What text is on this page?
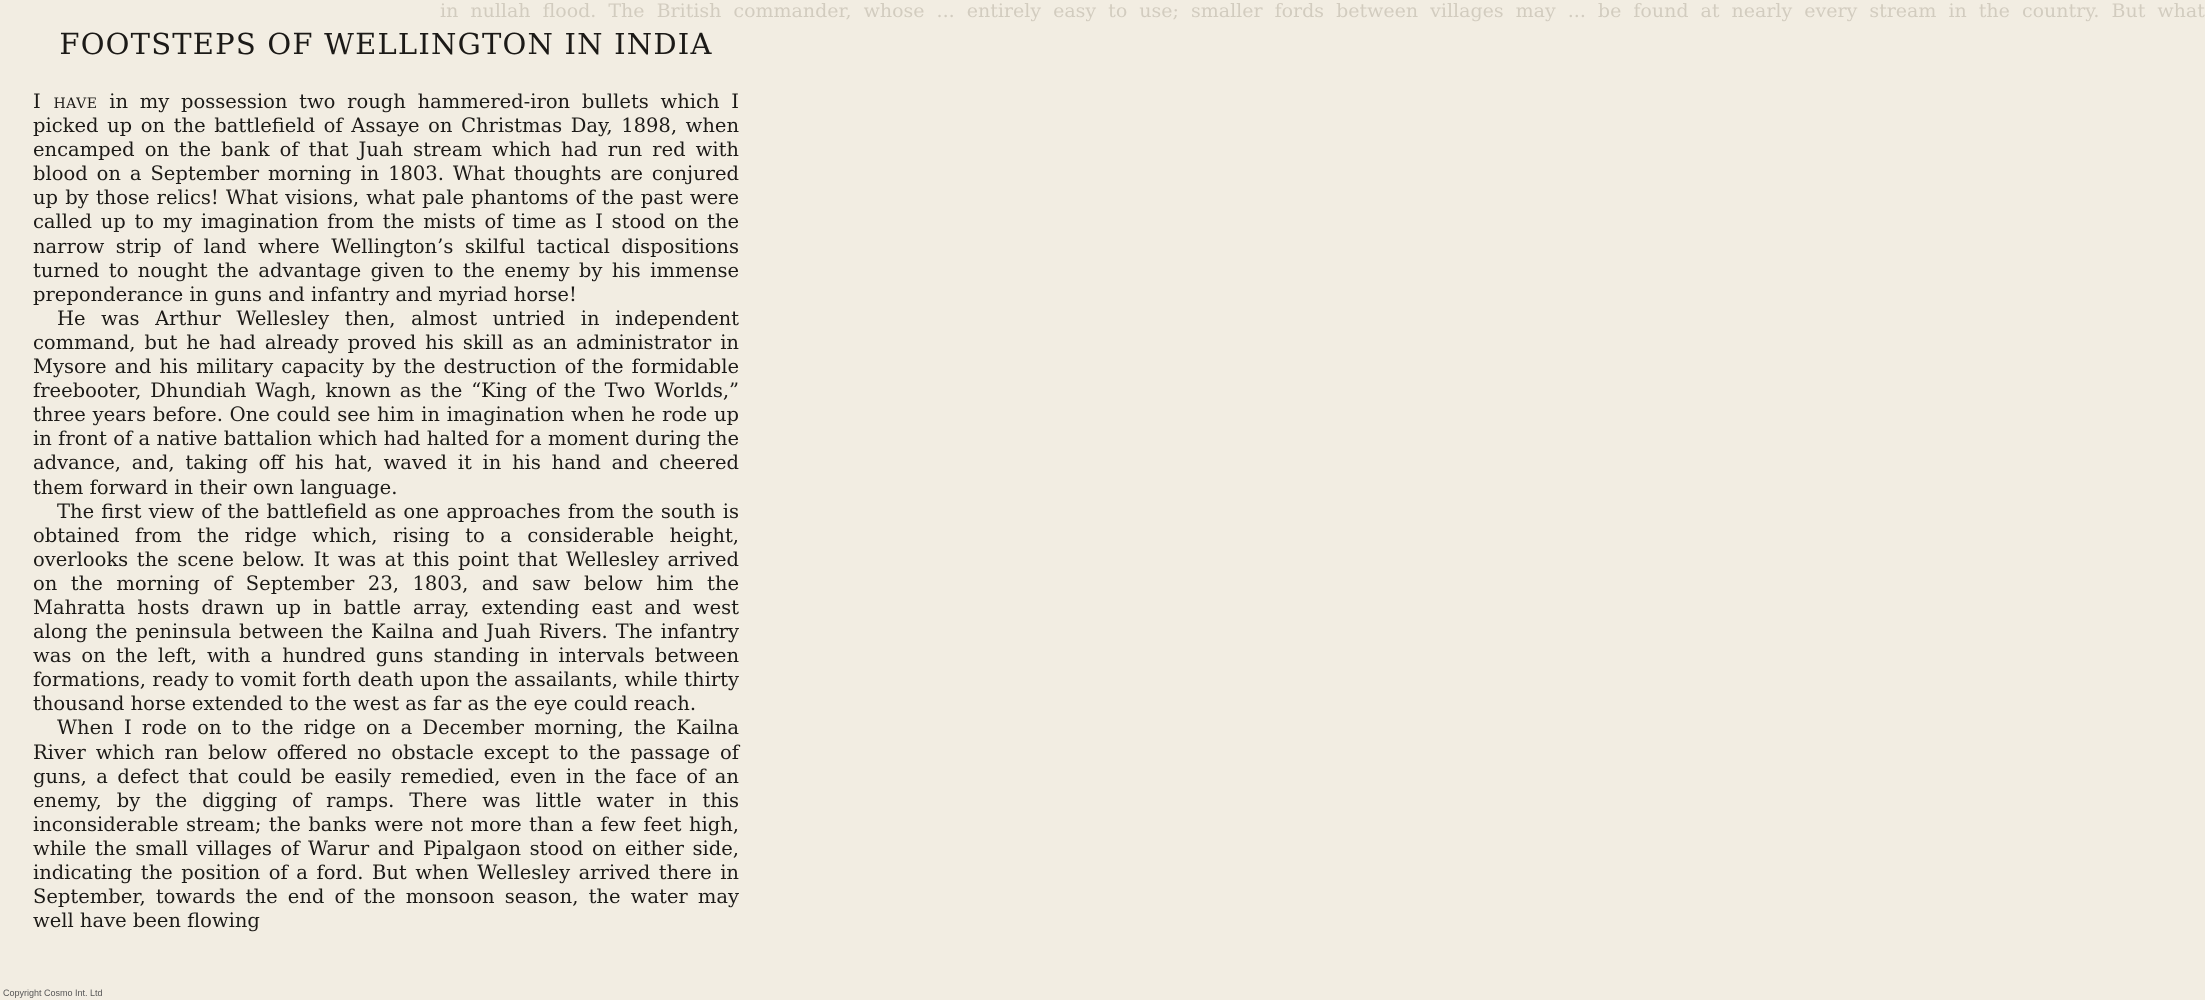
in nullah flood. The British commander, whose ... entirely easy to use; smaller fords between villages may ... be found at nearly every stream in the country. But what
FOOTSTEPS OF WELLINGTON IN INDIA

I have in my possession two rough hammered-iron bullets which I picked up on the battlefield of Assaye on Christmas Day, 1898, when encamped on the bank of that Juah stream which had run red with blood on a September morning in 1803. What thoughts are conjured up by those relics! What visions, what pale phantoms of the past were called up to my imagination from the mists of time as I stood on the narrow strip of land where Wellington’s skilful tactical dispositions turned to nought the advantage given to the enemy by his immense preponderance in guns and infantry and myriad horse!

He was Arthur Wellesley then, almost untried in independent command, but he had already proved his skill as an administrator in Mysore and his military capacity by the destruction of the formidable freebooter, Dhundiah Wagh, known as the “King of the Two Worlds,” three years before. One could see him in imagination when he rode up in front of a native battalion which had halted for a moment during the advance, and, taking off his hat, waved it in his hand and cheered them forward in their own language.

The first view of the battlefield as one approaches from the south is obtained from the ridge which, rising to a considerable height, overlooks the scene below. It was at this point that Wellesley arrived on the morning of September 23, 1803, and saw below him the Mahratta hosts drawn up in battle array, extending east and west along the peninsula between the Kailna and Juah Rivers. The infantry was on the left, with a hundred guns standing in intervals between formations, ready to vomit forth death upon the assailants, while thirty thousand horse extended to the west as far as the eye could reach.

When I rode on to the ridge on a December morning, the Kailna River which ran below offered no obstacle except to the passage of guns, a defect that could be easily remedied, even in the face of an enemy, by the digging of ramps. There was little water in this inconsiderable stream; the banks were not more than a few feet high, while the small villages of Warur and Pipalgaon stood on either side, indicating the position of a ford. But when Wellesley arrived there in September, towards the end of the monsoon season, the water may well have been flowing

Copyright Cosmo Int. Ltd
